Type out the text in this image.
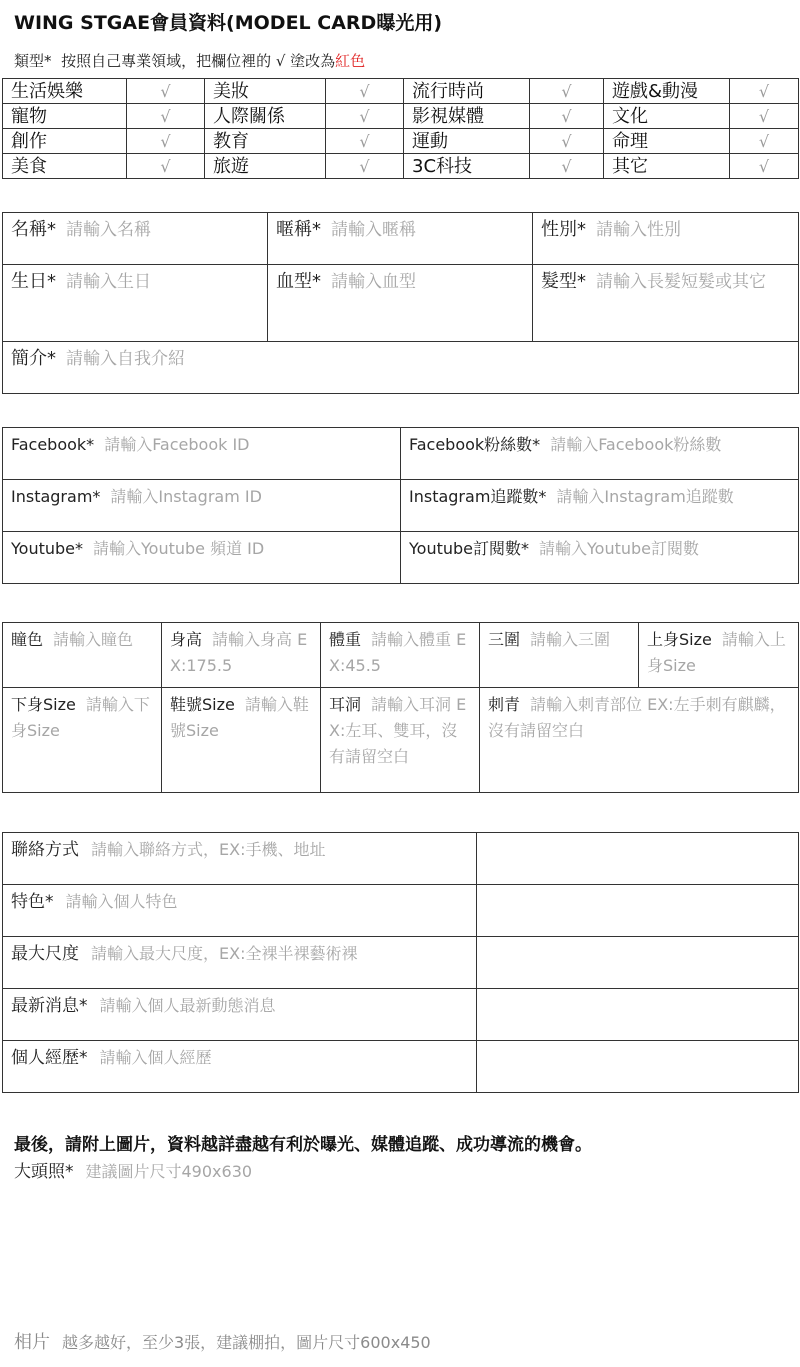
WING STGAE會員資料(MODEL CARD曝光用)
類型* 按照自己專業領域，把欄位裡的 √ 塗改為紅色
生活娛樂	√	美妝	√	流行時尚	√	遊戲&動漫	√
寵物	√	人際關係	√	影視媒體	√	文化	√
創作	√	教育	√	運動	√	命理	√
美食	√	旅遊	√	3C科技	√	其它	√
名稱* 請輸入名稱	暱稱* 請輸入暱稱	性別* 請輸入性別

生日* 請輸入生日	血型* 請輸入血型	髮型* 請輸入長髮短髮或其它

簡介* 請輸入自我介紹		
Facebook* 請輸入Facebook ID	Facebook粉絲數* 請輸入Facebook粉絲數

Instagram* 請輸入Instagram ID	Instagram追蹤數* 請輸入Instagram追蹤數

Youtube* 請輸入Youtube 頻道 ID	Youtube訂閱數* 請輸入Youtube訂閱數
瞳色 請輸入瞳色	身高 請輸入身高 EX:175.5	體重 請輸入體重 EX:45.5	三圍 請輸入三圍	上身Size 請輸入上身Size

下身Size 請輸入下身Size	鞋號Size 請輸入鞋號Size	耳洞 請輸入耳洞 EX:左耳、雙耳，沒有請留空白	刺青 請輸入刺青部位 EX:左手刺有麒麟，沒有請留空白	
聯絡方式 請輸入聯絡方式，EX:手機、地址	

特色* 請輸入個人特色	

最大尺度 請輸入最大尺度，EX:全裸半裸藝術裸	

最新消息* 請輸入個人最新動態消息	

個人經歷* 請輸入個人經歷	

最後，請附上圖片，資料越詳盡越有利於曝光、媒體追蹤、成功導流的機會。
大頭照* 建議圖片尺寸490x630
相片 越多越好，至少3張，建議棚拍，圖片尺寸600x450
